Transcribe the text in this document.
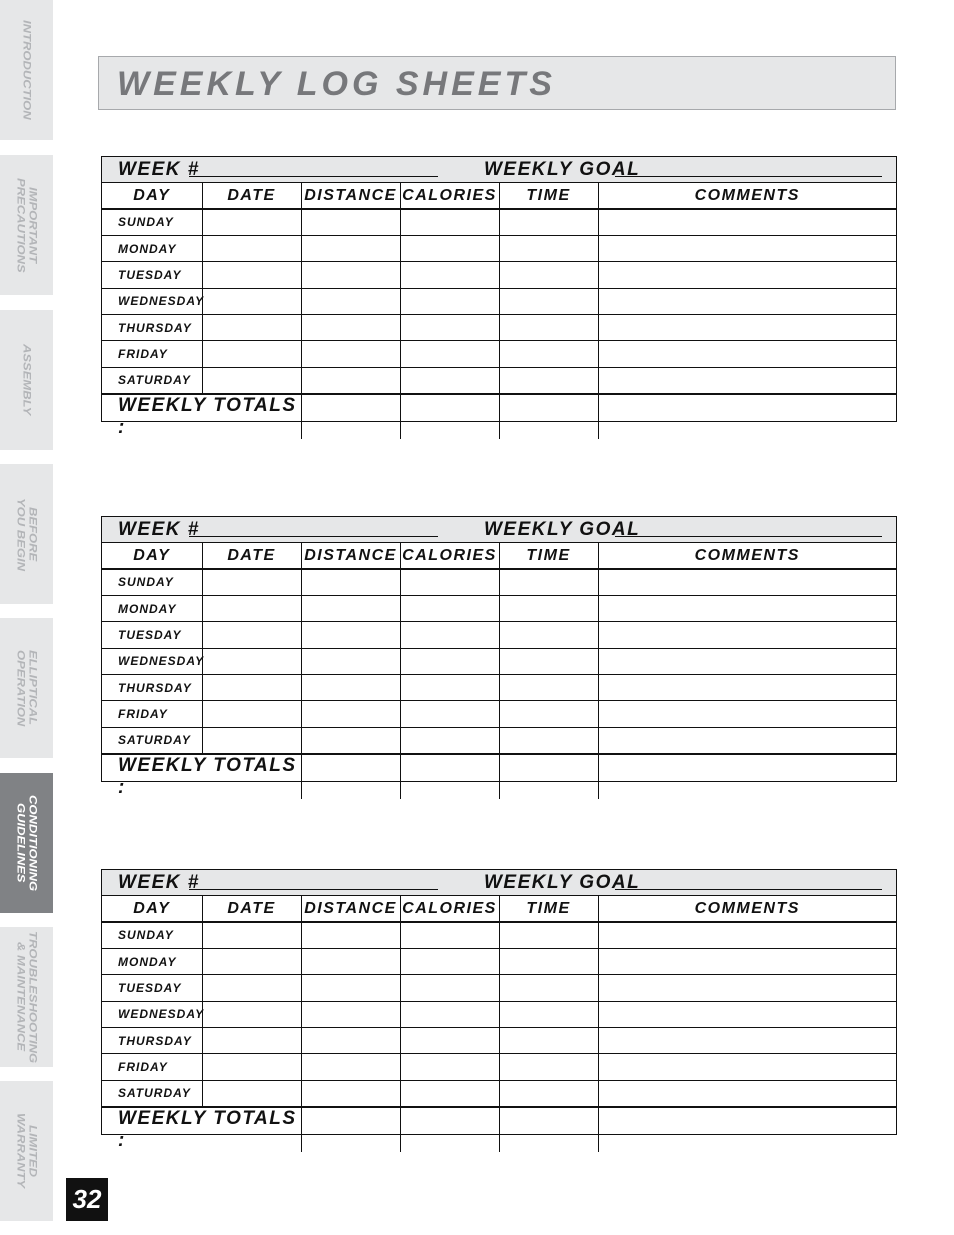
INTRODUCTION
IMPORTANT
PRECAUTIONS
ASSEMBLY
BEFORE
YOU BEGIN
ELLIPTICAL
OPERATION
CONDITIONING
GUIDELINES
TROUBLESHOOTING
& MAINTENANCE
LIMITED
WARRANTY
WEEKLY LOG SHEETS
WEEK #	WEEKLY GOAL
DAY	DATE	DISTANCE	CALORIES	TIME	COMMENTS
SUNDAY					
MONDAY					
TUESDAY					
WEDNESDAY					
THURSDAY					
FRIDAY					
SATURDAY					
WEEKLY TOTALS :					
WEEK #	WEEKLY GOAL
DAY	DATE	DISTANCE	CALORIES	TIME	COMMENTS
SUNDAY					
MONDAY					
TUESDAY					
WEDNESDAY					
THURSDAY					
FRIDAY					
SATURDAY					
WEEKLY TOTALS :					
WEEK #	WEEKLY GOAL
DAY	DATE	DISTANCE	CALORIES	TIME	COMMENTS
SUNDAY					
MONDAY					
TUESDAY					
WEDNESDAY					
THURSDAY					
FRIDAY					
SATURDAY					
WEEKLY TOTALS :					
32
